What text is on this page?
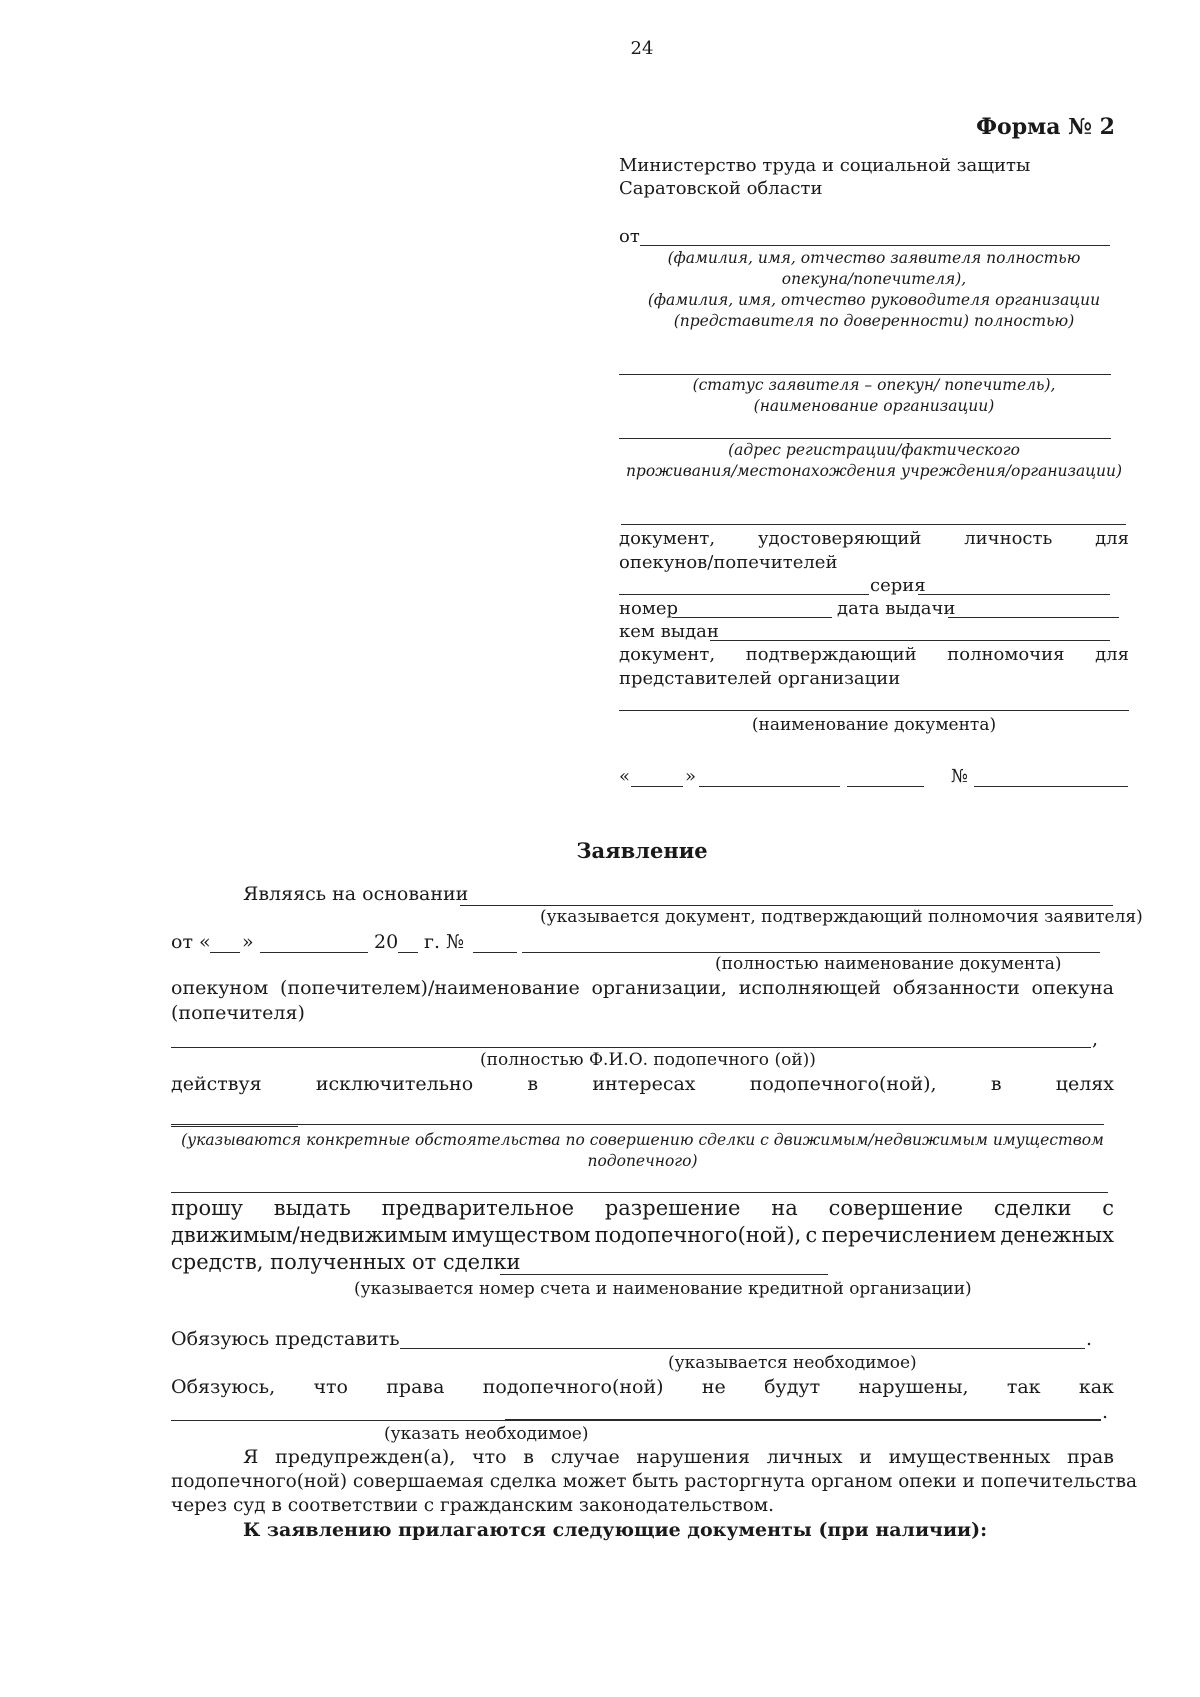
24
Форма № 2
Министерство труда и социальной защиты
Саратовской области
от
(фамилия, имя, отчество заявителя полностью
опекуна/попечителя),
(фамилия, имя, отчество руководителя организации
(представителя по доверенности) полностью)
(статус заявителя – опекун/ попечитель),
(наименование организации)
(адрес регистрации/фактического
проживания/местонахождения учреждения/организации)
документ, удостоверяющий личность для
опекунов/попечителей
серия
номер	дата выдачи
кем выдан
документ, подтверждающий полномочия для
представителей организации
(наименование документа)
«	»	№
Заявление
Являясь на основании
(указывается документ, подтверждающий полномочия заявителя)
от « »	20 г. №
(полностью наименование документа)
опекуном (попечителем)/наименование организации, исполняющей обязанности опекуна
(попечителя)
,
(полностью Ф.И.О. подопечного (ой))
действуя	исключительно	в	интересах	подопечного(ной),	в	целях
(указываются конкретные обстоятельства по совершению сделки с движимым/недвижимым имуществом
подопечного)
прошу выдать предварительное разрешение на совершение сделки с
движимым/недвижимым имуществом подопечного(ной), с перечислением денежных
средств, полученных от сделки
(указывается номер счета и наименование кредитной организации)
Обязуюсь представить	.
(указывается необходимое)
Обязуюсь, что права подопечного(ной) не будут нарушены, так как
.
(указать необходимое)
Я предупрежден(а), что в случае нарушения личных и имущественных прав
подопечного(ной) совершаемая сделка может быть расторгнута органом опеки и попечительства
через суд в соответствии с гражданским законодательством.
К заявлению прилагаются следующие документы (при наличии):
